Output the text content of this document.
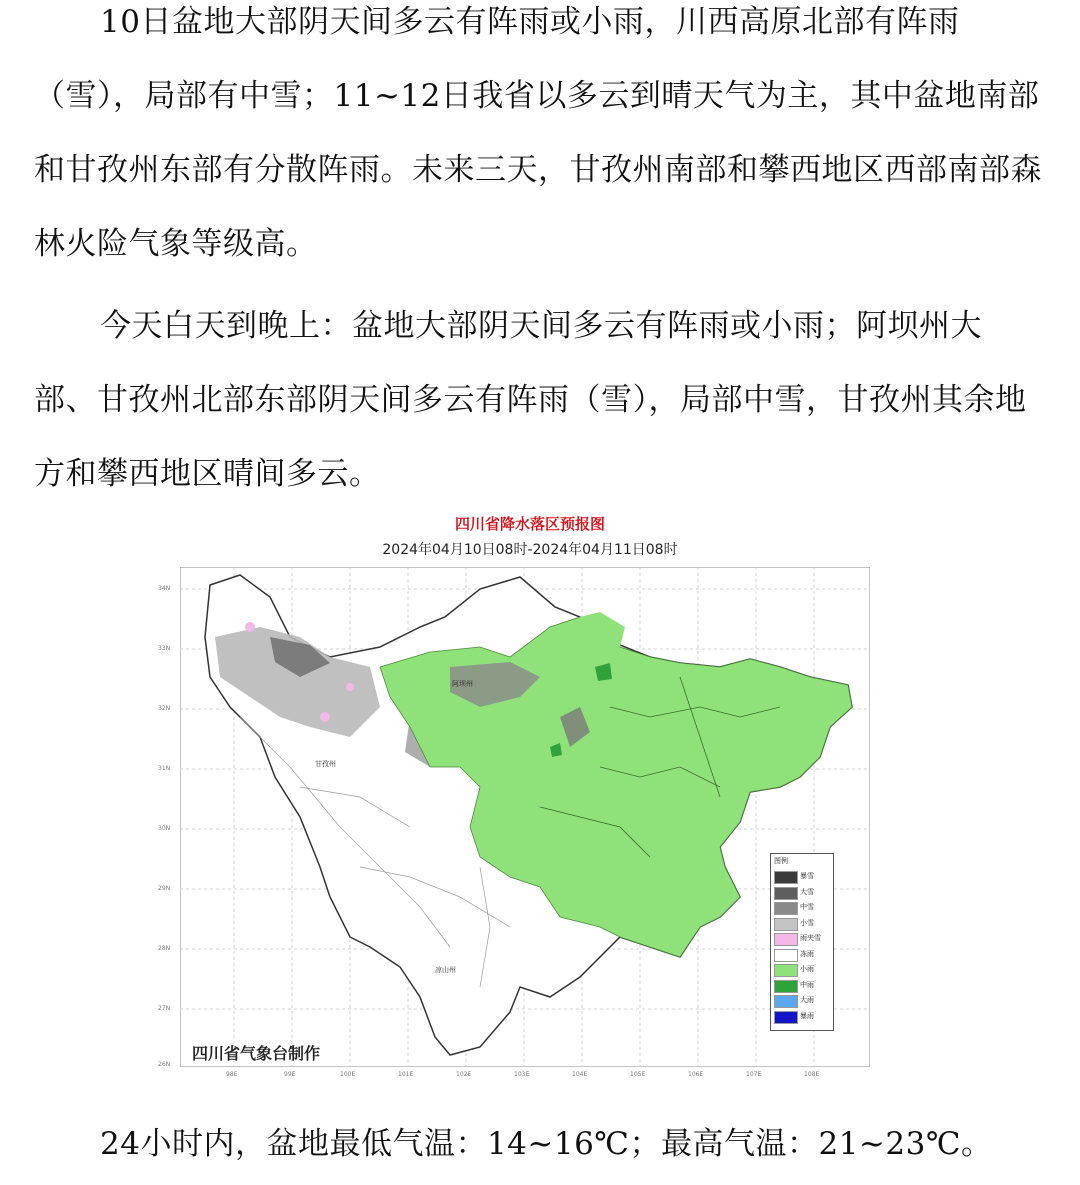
10日盆地大部阴天间多云有阵雨或小雨，川西高原北部有阵雨（雪），局部有中雪；11~12日我省以多云到晴天气为主，其中盆地南部和甘孜州东部有分散阵雨。未来三天，甘孜州南部和攀西地区西部南部森林火险气象等级高。

今天白天到晚上：盆地大部阴天间多云有阵雨或小雨；阿坝州大部、甘孜州北部东部阴天间多云有阵雨（雪），局部中雪，甘孜州其余地方和攀西地区晴间多云。

四川省降水落区预报图
2024年04月10日08时-2024年04月11日08时
阿坝州
甘孜州
凉山州
34N
33N
32N
31N
30N
29N
28N
27N
26N
98E	99E	100E	101E	102E	103E	104E	105E	106E	107E	108E
四川省气象台制作
图例
暴雪
大雪
中雪
小雪
雨夹雪
冻雨
小雨
中雨
大雨
暴雨

24小时内，盆地最低气温：14~16℃；最高气温：21~23℃。
